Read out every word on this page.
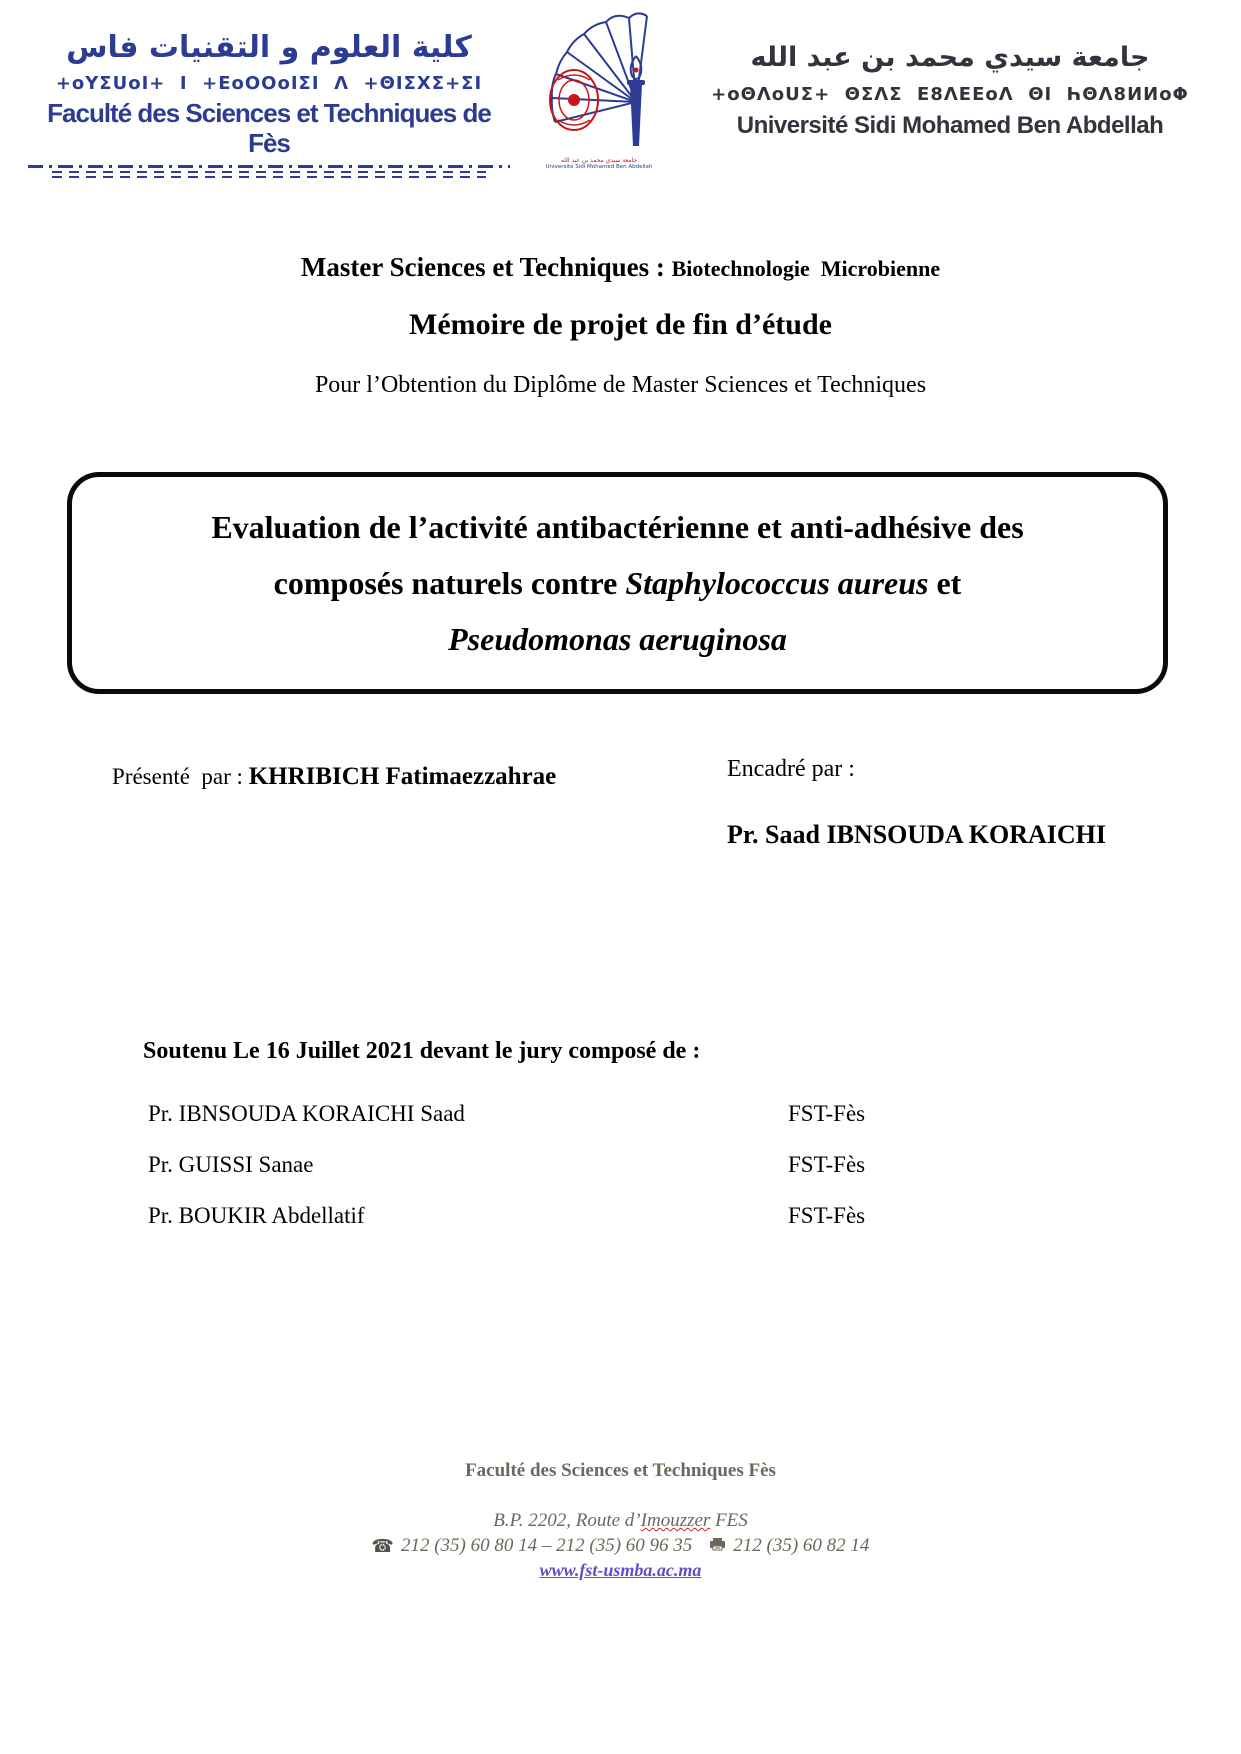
كلية العلوم و التقنيات فاس
+oYΣUoI+  I  +EoOOoIΣI  Λ  +ΘIΣXΣ+ΣI
Faculté des Sciences et Techniques de Fès
جامعة سيدي محمد بن عبد الله
Université Sidi Mohamed Ben Abdellah
جامعة سيدي محمد بن عبد الله
+oΘΛoUΣ+  ΘΣΛΣ  E8ΛEEoΛ  ΘI  ҺΘΛ8ИИoΦ
Université Sidi Mohamed Ben Abdellah
Master Sciences et Techniques : Biotechnologie  Microbienne
Mémoire de projet de fin d’étude
Pour l’Obtention du Diplôme de Master Sciences et Techniques
Evaluation de l’activité antibactérienne et anti-adhésive des
composés naturels contre Staphylococcus aureus et
Pseudomonas aeruginosa
Présenté  par : KHRIBICH Fatimaezzahrae	Encadré par :
Pr. Saad IBNSOUDA KORAICHI
Soutenu Le 16 Juillet 2021 devant le jury composé de :
Pr. IBNSOUDA KORAICHI Saad	FST-Fès
Pr. GUISSI Sanae	FST-Fès
Pr. BOUKIR Abdellatif	FST-Fès
Faculté des Sciences et Techniques Fès
B.P. 2202, Route d’Imouzzer FES
☎ 212 (35) 60 80 14 – 212 (35) 60 96 35 212 (35) 60 82 14
www.fst-usmba.ac.ma
